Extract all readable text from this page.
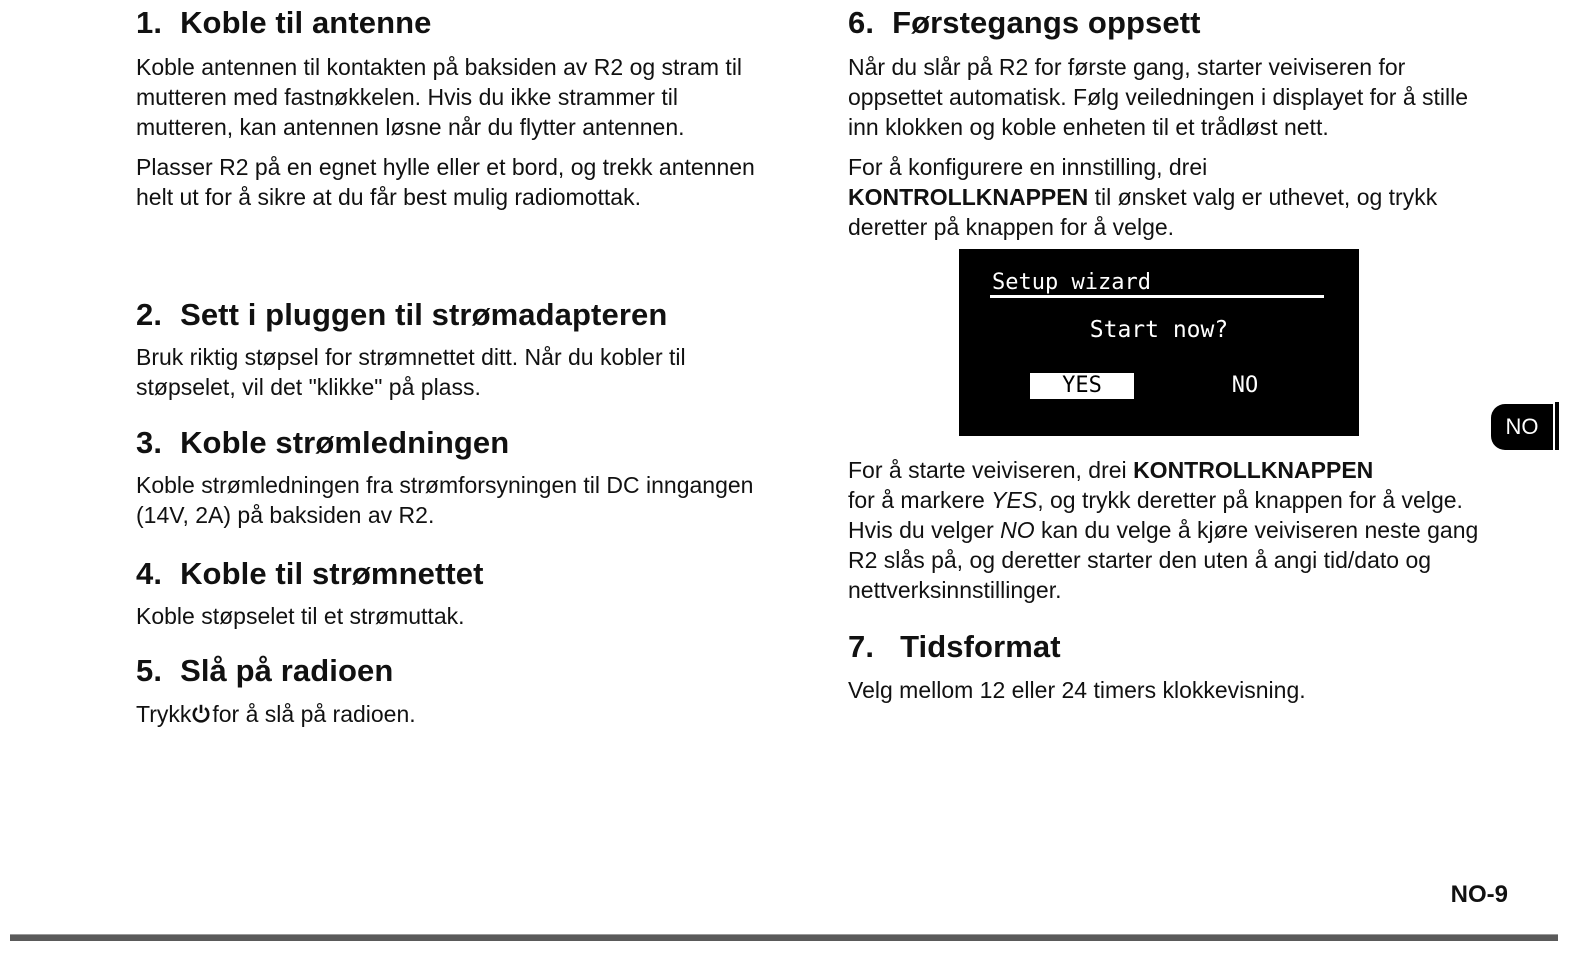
1. Koble til antenne

Koble antennen til kontakten på baksiden av R2 og stram til mutteren med fastnøkkelen. Hvis du ikke strammer til mutteren, kan antennen løsne når du flytter antennen.

Plasser R2 på en egnet hylle eller et bord, og trekk antennen helt ut for å sikre at du får best mulig radiomottak.

2. Sett i pluggen til strømadapteren

Bruk riktig støpsel for strømnettet ditt. Når du kobler til støpselet, vil det "klikke" på plass.

3. Koble strømledningen

Koble strømledningen fra strømforsyningen til DC inngangen (14V, 2A) på baksiden av R2.

4. Koble til strømnettet

Koble støpselet til et strømuttak.

5. Slå på radioen

Trykk for å slå på radioen.

6. Førstegangs oppsett

Når du slår på R2 for første gang, starter veiviseren for oppsettet automatisk. Følg veiledningen i displayet for å stille inn klokken og koble enheten til et trådløst nett.

For å konfigurere en innstilling, drei
KONTROLLKNAPPEN til ønsket valg er uthevet, og trykk deretter på knappen for å velge.

For å starte veiviseren, drei KONTROLLKNAPPEN
for å markere YES, og trykk deretter på knappen for å velge. Hvis du velger NO kan du velge å kjøre veiviseren neste gang R2 slås på, og deretter starter den uten å angi tid/dato og nettverksinnstillinger.

7. Tidsformat

Velg mellom 12 eller 24 timers klokkevisning.

Setup wizard
Start now?
YES	NO
NO
NO-9
